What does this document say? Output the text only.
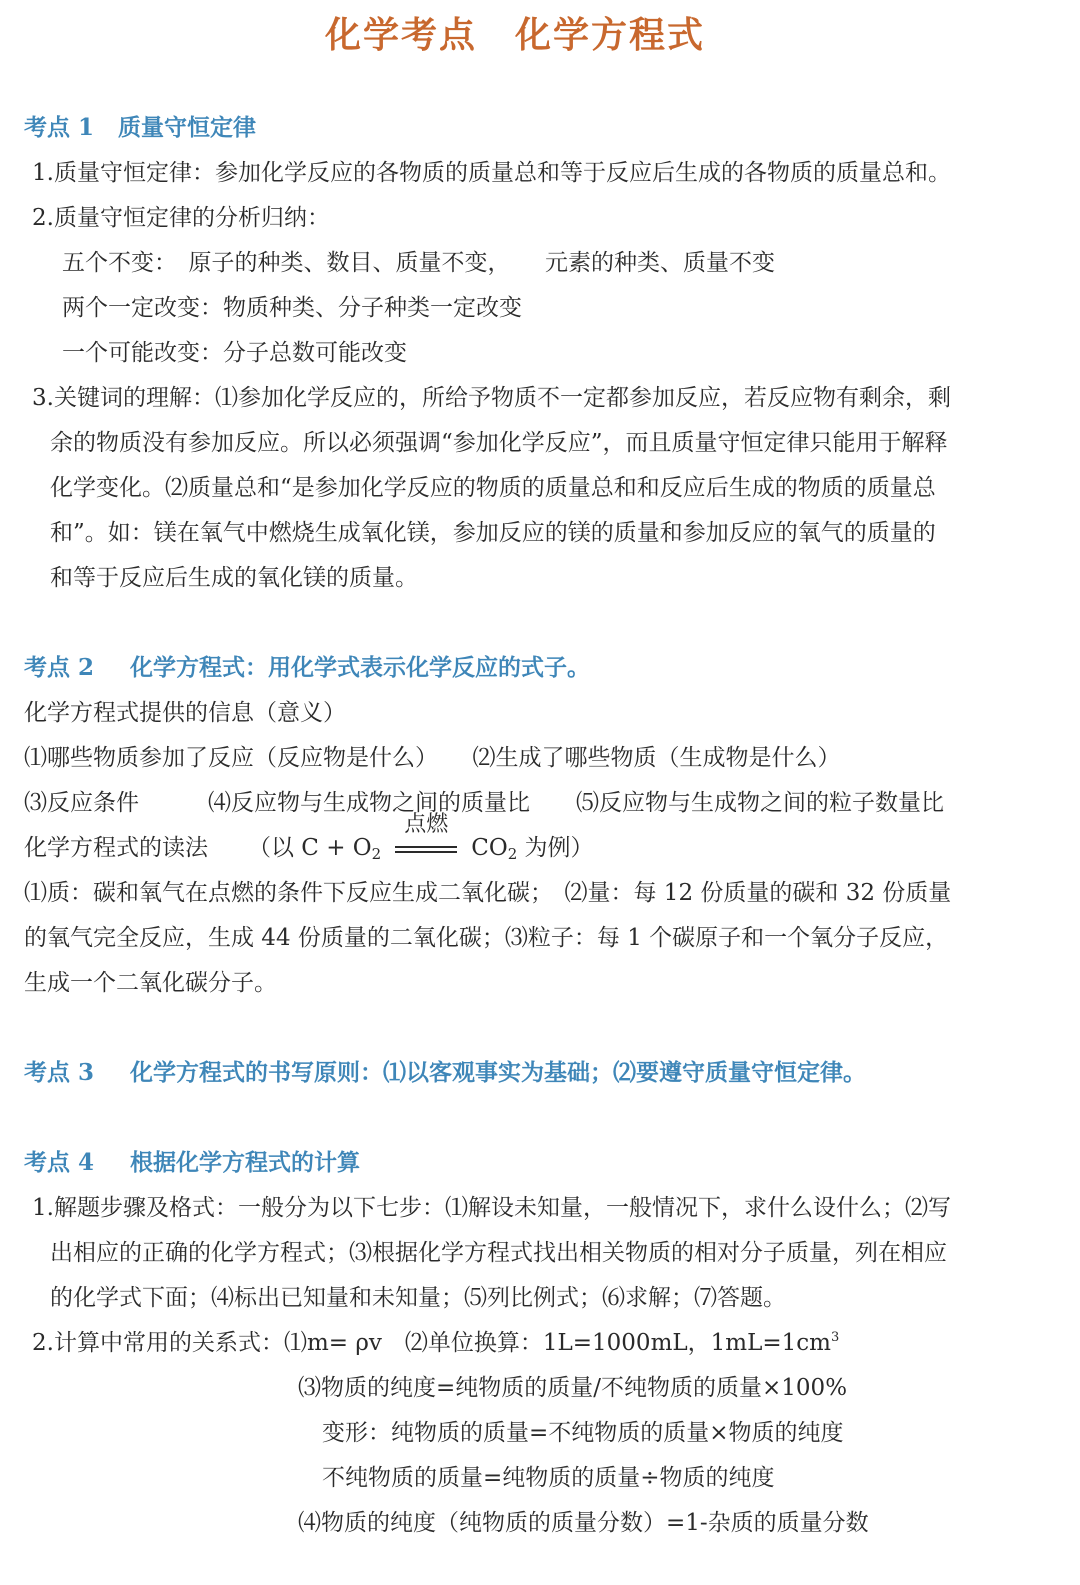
化学考点　化学方程式
考点 1 质量守恒定律
1.质量守恒定律：参加化学反应的各物质的质量总和等于反应后生成的各物质的质量总和。
2.质量守恒定律的分析归纳：
五个不变：　原子的种类、数目、质量不变，　　元素的种类、质量不变
两个一定改变：物质种类、分子种类一定改变
一个可能改变：分子总数可能改变
3.关键词的理解：⑴参加化学反应的，所给予物质不一定都参加反应，若反应物有剩余，剩
余的物质没有参加反应。所以必须强调“参加化学反应”，而且质量守恒定律只能用于解释
化学变化。⑵质量总和“是参加化学反应的物质的质量总和和反应后生成的物质的质量总
和”。如：镁在氧气中燃烧生成氧化镁，参加反应的镁的质量和参加反应的氧气的质量的
和等于反应后生成的氧化镁的质量。
考点 2 化学方程式：用化学式表示化学反应的式子。
化学方程式提供的信息（意义）
⑴哪些物质参加了反应（反应物是什么）　　⑵生成了哪些物质（生成物是什么）
⑶反应条件　　　⑷反应物与生成物之间的质量比　　⑸反应物与生成物之间的粒子数量比
化学方程式的读法 （以 $C + O_2$
点燃
$CO_2$ 为例）
⑴质：碳和氧气在点燃的条件下反应生成二氧化碳；　⑵量：每 12 份质量的碳和 32 份质量
的氧气完全反应，生成 44 份质量的二氧化碳；⑶粒子：每 1 个碳原子和一个氧分子反应，
生成一个二氧化碳分子。
考点 3 化学方程式的书写原则：⑴以客观事实为基础；⑵要遵守质量守恒定律。
考点 4 根据化学方程式的计算
1.解题步骤及格式：一般分为以下七步：⑴解设未知量，一般情况下，求什么设什么；⑵写
出相应的正确的化学方程式；⑶根据化学方程式找出相关物质的相对分子质量，列在相应
的化学式下面；⑷标出已知量和未知量；⑸列比例式；⑹求解；⑺答题。
2.计算中常用的关系式：⑴m= ρv　⑵单位换算：1L=1000mL，$1mL=1cm^3$
⑶物质的纯度=纯物质的质量/不纯物质的质量×100%
变形：纯物质的质量=不纯物质的质量×物质的纯度
不纯物质的质量=纯物质的质量÷物质的纯度
⑷物质的纯度（纯物质的质量分数）=1-杂质的质量分数
